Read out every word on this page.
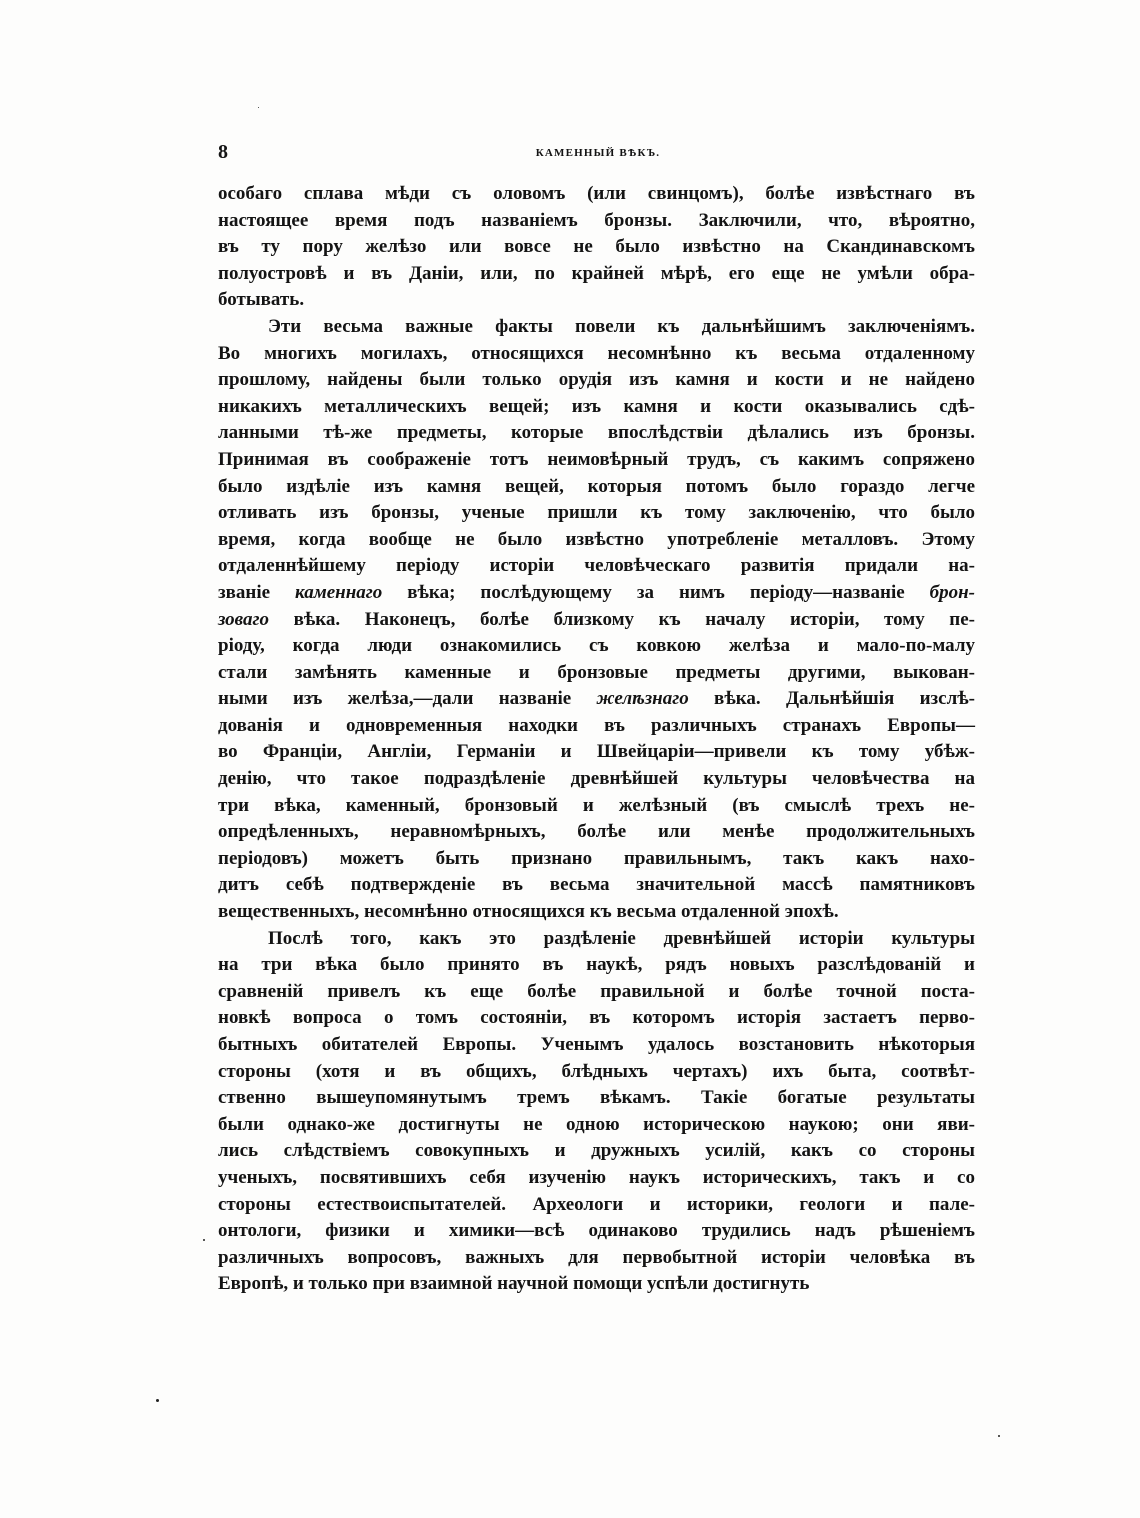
8	КАМЕННЫЙ ВѢКЪ.
особаго сплава мѣди съ оловомъ (или свинцомъ), болѣе извѣстнаго въ
настоящее время подъ названіемъ бронзы. Заключили, что, вѣроятно,
въ ту пору желѣзо или вовсе не было извѣстно на Скандинавскомъ
полуостровѣ и въ Даніи, или, по крайней мѣрѣ, его еще не умѣли обра-
ботывать.
Эти весьма важные факты повели къ дальнѣйшимъ заключеніямъ.
Во многихъ могилахъ, относящихся несомнѣнно къ весьма отдаленному
прошлому, найдены были только орудія изъ камня и кости и не найдено
никакихъ металлическихъ вещей; изъ камня и кости оказывались сдѣ-
ланными тѣ-же предметы, которые впослѣдствіи дѣлались изъ бронзы.
Принимая въ соображеніе тотъ неимовѣрный трудъ, съ какимъ сопряжено
было издѣліе изъ камня вещей, которыя потомъ было гораздо легче
отливать изъ бронзы, ученые пришли къ тому заключенію, что было
время, когда вообще не было извѣстно употребленіе металловъ. Этому
отдаленнѣйшему періоду исторіи человѣческаго развитія придали на-
званіе каменнаго вѣка; послѣдующему за нимъ періоду—названіе брон-
зоваго вѣка. Наконецъ, болѣе близкому къ началу исторіи, тому пе-
ріоду, когда люди ознакомились съ ковкою желѣза и мало-по-малу
стали замѣнять каменные и бронзовые предметы другими, выкован-
ными изъ желѣза,—дали названіе желѣзнаго вѣка. Дальнѣйшія изслѣ-
дованія и одновременныя находки въ различныхъ странахъ Европы—
во Франціи, Англіи, Германіи и Швейцаріи—привели къ тому убѣж-
денію, что такое подраздѣленіе древнѣйшей культуры человѣчества на
три вѣка, каменный, бронзовый и желѣзный (въ смыслѣ трехъ не-
опредѣленныхъ, неравномѣрныхъ, болѣе или менѣе продолжительныхъ
періодовъ) можетъ быть признано правильнымъ, такъ какъ нахо-
дитъ себѣ подтвержденіе въ весьма значительной массѣ памятниковъ
вещественныхъ, несомнѣнно относящихся къ весьма отдаленной эпохѣ.
Послѣ того, какъ это раздѣленіе древнѣйшей исторіи культуры
на три вѣка было принято въ наукѣ, рядъ новыхъ разслѣдованій и
сравненій привелъ къ еще болѣе правильной и болѣе точной поста-
новкѣ вопроса о томъ состояніи, въ которомъ исторія застаетъ перво-
бытныхъ обитателей Европы. Ученымъ удалось возстановить нѣкоторыя
стороны (хотя и въ общихъ, блѣдныхъ чертахъ) ихъ быта, соотвѣт-
ственно вышеупомянутымъ тремъ вѣкамъ. Такіе богатые результаты
были однако-же достигнуты не одною историческою наукою; они яви-
лись слѣдствіемъ совокупныхъ и дружныхъ усилій, какъ со стороны
ученыхъ, посвятившихъ себя изученію наукъ историческихъ, такъ и со
стороны естествоиспытателей. Археологи и историки, геологи и пале-
онтологи, физики и химики—всѣ одинаково трудились надъ рѣшеніемъ
различныхъ вопросовъ, важныхъ для первобытной исторіи человѣка въ
Европѣ, и только при взаимной научной помощи успѣли достигнуть
